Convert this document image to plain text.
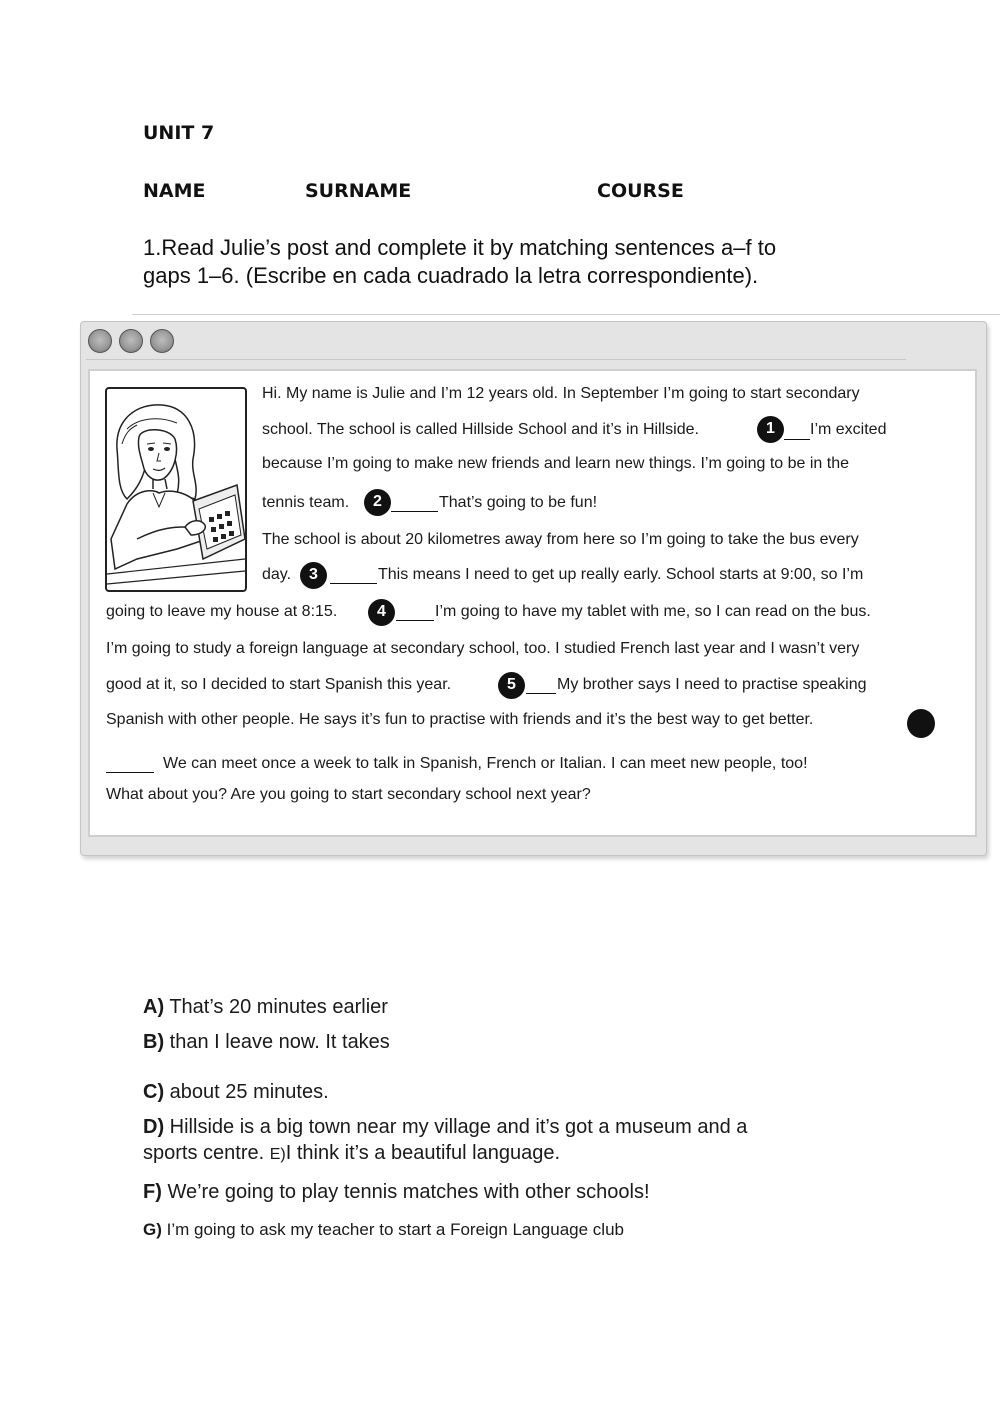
UNIT 7
NAME	SURNAME	COURSE
1.Read Julie’s post and complete it by matching sentences a–f to
gaps 1–6. (Escribe en cada cuadrado la letra correspondiente).
Hi. My name is Julie and I’m 12 years old. In September I’m going to start secondary
school. The school is called Hillside School and it’s in Hillside.	1	I’m excited
because I’m going to make new friends and learn new things. I’m going to be in the
tennis team.	2	That’s going to be fun!
The school is about 20 kilometres away from here so I’m going to take the bus every
day.	3	This means I need to get up really early. School starts at 9:00, so I’m
going to leave my house at 8:15.	4	I’m going to have my tablet with me, so I can read on the bus.
I’m going to study a foreign language at secondary school, too. I studied French last year and I wasn’t very
good at it, so I decided to start Spanish this year.	5	My brother says I need to practise speaking
Spanish with other people. He says it’s fun to practise with friends and it’s the best way to get better.
We can meet once a week to talk in Spanish, French or Italian. I can meet new people, too!
What about you? Are you going to start secondary school next year?
A) That’s 20 minutes earlier
B) than I leave now. It takes
C) about 25 minutes.
D) Hillside is a big town near my village and it’s got a museum and a
sports centre. E)I think it’s a beautiful language.
F) We’re going to play tennis matches with other schools!
G) I’m going to ask my teacher to start a Foreign Language club
